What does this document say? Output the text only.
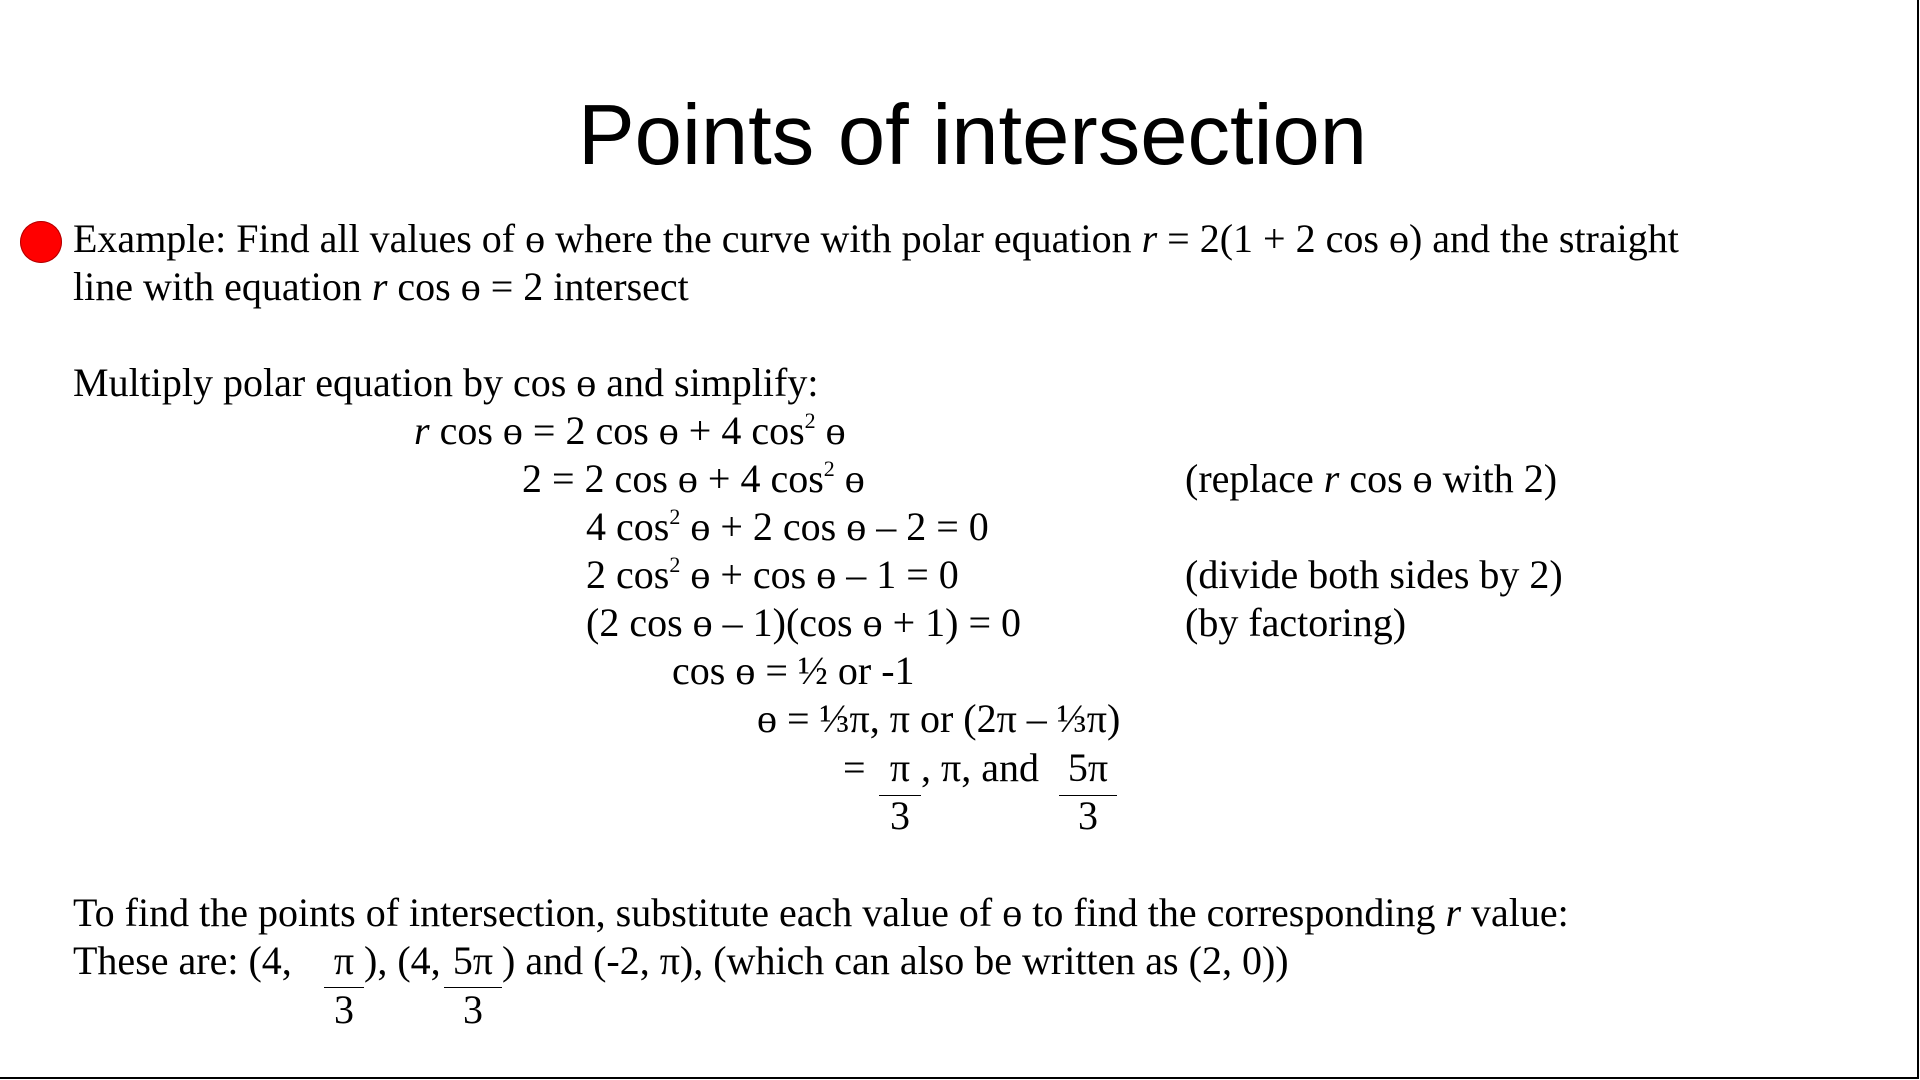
Points of intersection
Example: Find all values of ɵ where the curve with polar equation r = 2(1 + 2 cos ɵ) and the straight
line with equation r cos ɵ = 2 intersect
Multiply polar equation by cos ɵ and simplify:
r cos ɵ = 2 cos ɵ + 4 $\cos^2$ ɵ
2 = 2 cos ɵ + 4 $\cos^2$ ɵ
4 $\cos^2$ ɵ + 2 cos ɵ – 2 = 0
2 $\cos^2$ ɵ + cos ɵ – 1 = 0
(2 cos ɵ – 1)(cos ɵ + 1) = 0
cos ɵ = ½ or -1
ɵ = ⅓π, π or (2π – ⅓π)
= π
3
, π, and 5π
3
(replace r cos ɵ with 2)
(divide both sides by 2)
(by factoring)
To find the points of intersection, substitute each value of ɵ to find the corresponding r value:
These are: (4, π
3
), (4, 5π
3
) and (-2, π), (which can also be written as (2, 0))
